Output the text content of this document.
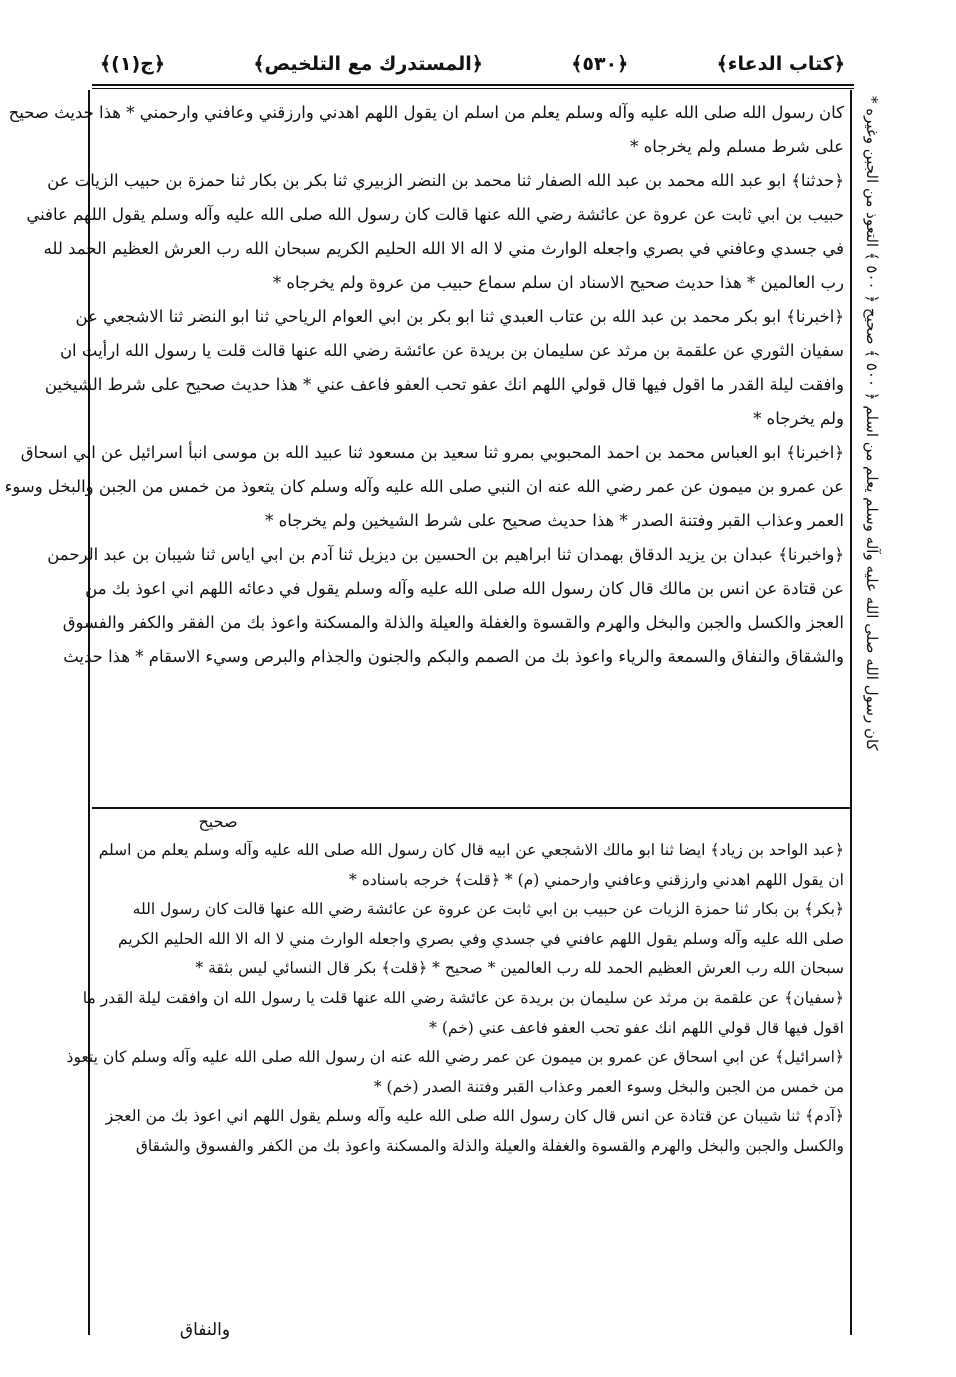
﴿ج(١)﴾	﴿المستدرك مع التلخيص﴾	﴿٥٣٠﴾	﴿كتاب الدعاء﴾
كان رسول الله صلى الله عليه وآله وسلم يعلم من اسلم ان يقول اللهم اهدني وارزقني وعافني وارحمني * هذا حديث صحيح
على شرط مسلم ولم يخرجاه *
﴿حدثنا﴾ ابو عبد الله محمد بن عبد الله الصفار ثنا محمد بن النضر الزبيري ثنا بكر بن بكار ثنا حمزة بن حبيب الزيات عن
حبيب بن ابي ثابت عن عروة عن عائشة رضي الله عنها قالت كان رسول الله صلى الله عليه وآله وسلم يقول اللهم عافني
في جسدي وعافني في بصري واجعله الوارث مني لا اله الا الله الحليم الكريم سبحان الله رب العرش العظيم الحمد لله
رب العالمين * هذا حديث صحيح الاسناد ان سلم سماع حبيب من عروة ولم يخرجاه *
﴿اخبرنا﴾ ابو بكر محمد بن عبد الله بن عتاب العبدي ثنا ابو بكر بن ابي العوام الرياحي ثنا ابو النضر ثنا الاشجعي عن
سفيان الثوري عن علقمة بن مرثد عن سليمان بن بريدة عن عائشة رضي الله عنها قالت قلت يا رسول الله ارأيت ان
وافقت ليلة القدر ما اقول فيها قال قولي اللهم انك عفو تحب العفو فاعف عني * هذا حديث صحيح على شرط الشيخين
ولم يخرجاه *
﴿اخبرنا﴾ ابو العباس محمد بن احمد المحبوبي بمرو ثنا سعيد بن مسعود ثنا عبيد الله بن موسى انبأ اسرائيل عن ابي اسحاق
عن عمرو بن ميمون عن عمر رضي الله عنه ان النبي صلى الله عليه وآله وسلم كان يتعوذ من خمس من الجبن والبخل وسوء
العمر وعذاب القبر وفتنة الصدر * هذا حديث صحيح على شرط الشيخين ولم يخرجاه *
﴿واخبرنا﴾ عبدان بن يزيد الدقاق بهمدان ثنا ابراهيم بن الحسين بن ديزيل ثنا آدم بن ابي اياس ثنا شيبان بن عبد الرحمن
عن قتادة عن انس بن مالك قال كان رسول الله صلى الله عليه وآله وسلم يقول في دعائه اللهم اني اعوذ بك من
العجز والكسل والجبن والبخل والهرم والقسوة والغفلة والعيلة والذلة والمسكنة واعوذ بك من الفقر والكفر والفسوق
والشقاق والنفاق والسمعة والرياء واعوذ بك من الصمم والبكم والجنون والجذام والبرص وسيء الاسقام * هذا حديث
كان رسول الله صلى الله عليه وآله وسلم يعلم من اسلم ﴿ ٥٠٠ ﴾ صحيح ﴿ ٥٠٠ ﴾ التعوذ من الجبن وغيره *
صحيح
﴿عبد الواحد بن زياد﴾ ايضا ثنا ابو مالك الاشجعي عن ابيه قال كان رسول الله صلى الله عليه وآله وسلم يعلم من اسلم
ان يقول اللهم اهدني وارزقني وعافني وارحمني (م) * ﴿قلت﴾ خرجه باسناده *
﴿بكر﴾ بن بكار ثنا حمزة الزيات عن حبيب بن ابي ثابت عن عروة عن عائشة رضي الله عنها قالت كان رسول الله
صلى الله عليه وآله وسلم يقول اللهم عافني في جسدي وفي بصري واجعله الوارث مني لا اله الا الله الحليم الكريم
سبحان الله رب العرش العظيم الحمد لله رب العالمين * صحيح * ﴿قلت﴾ بكر قال النسائي ليس بثقة *
﴿سفيان﴾ عن علقمة بن مرثد عن سليمان بن بريدة عن عائشة رضي الله عنها قلت يا رسول الله ان وافقت ليلة القدر ما
اقول فيها قال قولي اللهم انك عفو تحب العفو فاعف عني (خم) *
﴿اسرائيل﴾ عن ابي اسحاق عن عمرو بن ميمون عن عمر رضي الله عنه ان رسول الله صلى الله عليه وآله وسلم كان يتعوذ
من خمس من الجبن والبخل وسوء العمر وعذاب القبر وفتنة الصدر (خم) *
﴿آدم﴾ ثنا شيبان عن قتادة عن انس قال كان رسول الله صلى الله عليه وآله وسلم يقول اللهم اني اعوذ بك من العجز
والكسل والجبن والبخل والهرم والقسوة والغفلة والعيلة والذلة والمسكنة واعوذ بك من الكفر والفسوق والشقاق
والنفاق
